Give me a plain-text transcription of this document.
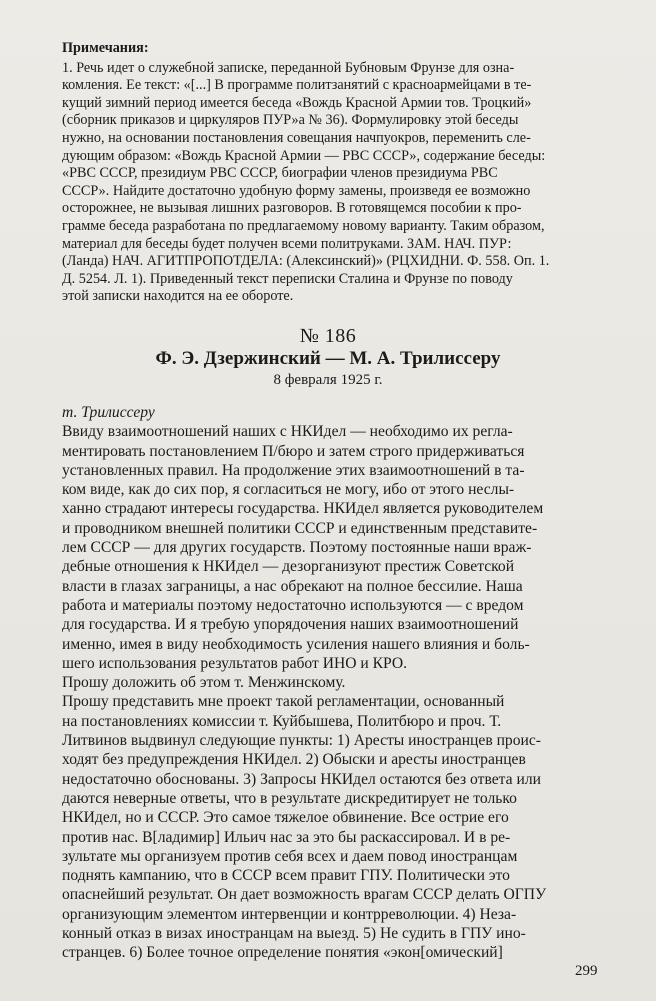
Примечания:

1. Речь идет о служебной записке, переданной Бубновым Фрунзе для озна-

комления. Ее текст: «[...] В программе политзанятий с красноармейцами в те-

кущий зимний период имеется беседа «Вождь Красной Армии тов. Троцкий»

(сборник приказов и циркуляров ПУР»а № 36). Формулировку этой беседы

нужно, на основании постановления совещания начпуокров, переменить сле-

дующим образом: «Вождь Красной Армии — РВС СССР», содержание беседы:

«РВС СССР, президиум РВС СССР, биографии членов президиума РВС

СССР». Найдите достаточно удобную форму замены, произведя ее возможно

осторожнее, не вызывая лишних разговоров. В готовящемся пособии к про-

грамме беседа разработана по предлагаемому новому варианту. Таким образом,

материал для беседы будет получен всеми политруками. ЗАМ. НАЧ. ПУР:

(Ланда) НАЧ. АГИТПРОПОТДЕЛА: (Алексинский)» (РЦХИДНИ. Ф. 558. Оп. 1.

Д. 5254. Л. 1). Приведенный текст переписки Сталина и Фрунзе по поводу

этой записки находится на ее обороте.

№ 186
Ф. Э. Дзержинский — М. А. Трилиссеру
8 февраля 1925 г.

т. Трилиссеру

Ввиду взаимоотношений наших с НКИдел — необходимо их регла-

ментировать постановлением П/бюро и затем строго придерживаться

установленных правил. На продолжение этих взаимоотношений в та-

ком виде, как до сих пор, я согласиться не могу, ибо от этого неслы-

ханно страдают интересы государства. НКИдел является руководителем

и проводником внешней политики СССР и единственным представите-

лем СССР — для других государств. Поэтому постоянные наши враж-

дебные отношения к НКИдел — дезорганизуют престиж Советской

власти в глазах заграницы, а нас обрекают на полное бессилие. Наша

работа и материалы поэтому недостаточно используются — с вредом

для государства. И я требую упорядочения наших взаимоотношений

именно, имея в виду необходимость усиления нашего влияния и боль-

шего использования результатов работ ИНО и КРО.

Прошу доложить об этом т. Менжинскому.

Прошу представить мне проект такой регламентации, основанный

на постановлениях комиссии т. Куйбышева, Политбюро и проч. Т.

Литвинов выдвинул следующие пункты: 1) Аресты иностранцев проис-

ходят без предупреждения НКИдел. 2) Обыски и аресты иностранцев

недостаточно обоснованы. 3) Запросы НКИдел остаются без ответа или

даются неверные ответы, что в результате дискредитирует не только

НКИдел, но и СССР. Это самое тяжелое обвинение. Все острие его

против нас. В[ладимир] Ильич нас за это бы раскассировал. И в ре-

зультате мы организуем против себя всех и даем повод иностранцам

поднять кампанию, что в СССР всем правит ГПУ. Политически это

опаснейший результат. Он дает возможность врагам СССР делать ОГПУ

организующим элементом интервенции и контрреволюции. 4) Неза-

конный отказ в визах иностранцам на выезд. 5) Не судить в ГПУ ино-

странцев. 6) Более точное определение понятия «экон[омический]

299
